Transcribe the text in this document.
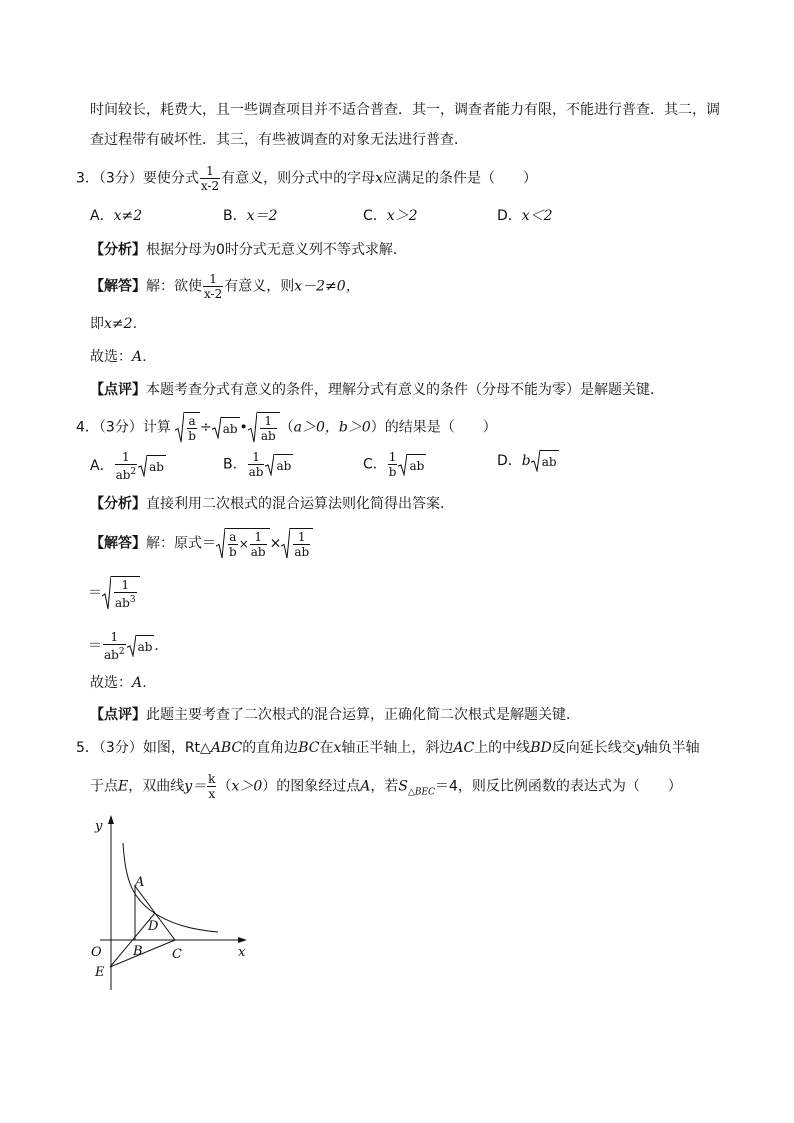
时间较长，耗费大，且一些调查项目并不适合普查．其一，调查者能力有限，不能进行普查．其二，调
查过程带有破坏性．其三，有些被调查的对象无法进行普查．
3．（3分）要使分式 $\frac{1}{x-2}$ 有意义，则分式中的字母x应满足的条件是（　　）
A．x≠2	B．x＝2	C．x＞2	D．x＜2
【分析】根据分母为0时分式无意义列不等式求解．
【解答】解：欲使 $\frac{1}{x-2}$ 有意义，则x－2≠0，
即x≠2．
故选：A．
【点评】本题考查分式有意义的条件，理解分式有意义的条件（分母不能为零）是解题关键．
4．（3分）计算 $\frac{a}{b}$ ÷ ab • $\frac{1}{ab} (a>0$，b＞0）的结果是（　　）
A． $\frac{1}{ab^2}$ ab	B． $\frac{1}{ab}$ ab	C． $\frac{1}{b}$ ab	D．b ab
【分析】直接利用二次根式的混合运算法则化简得出答案．
【解答】解：原式＝ $\frac{a}{b} \times \frac{1}{ab} \times \frac{1}{ab}$
＝ $\frac{1}{ab^3}$
＝ $\frac{1}{ab^2}$ ab ．
故选：A．
【点评】此题主要考查了二次根式的混合运算，正确化简二次根式是解题关键．
5．（3分）如图，Rt△ABC的直角边BC在x轴正半轴上，斜边AC上的中线BD反向延长线交y轴负半轴
于点E，双曲线$y= \frac{k}{x} (x>0)$的图象经过点A，若$S_{\triangle BEC}=4$，则反比例函数的表达式为（　　）
y
x
O
A
B C
D
E
